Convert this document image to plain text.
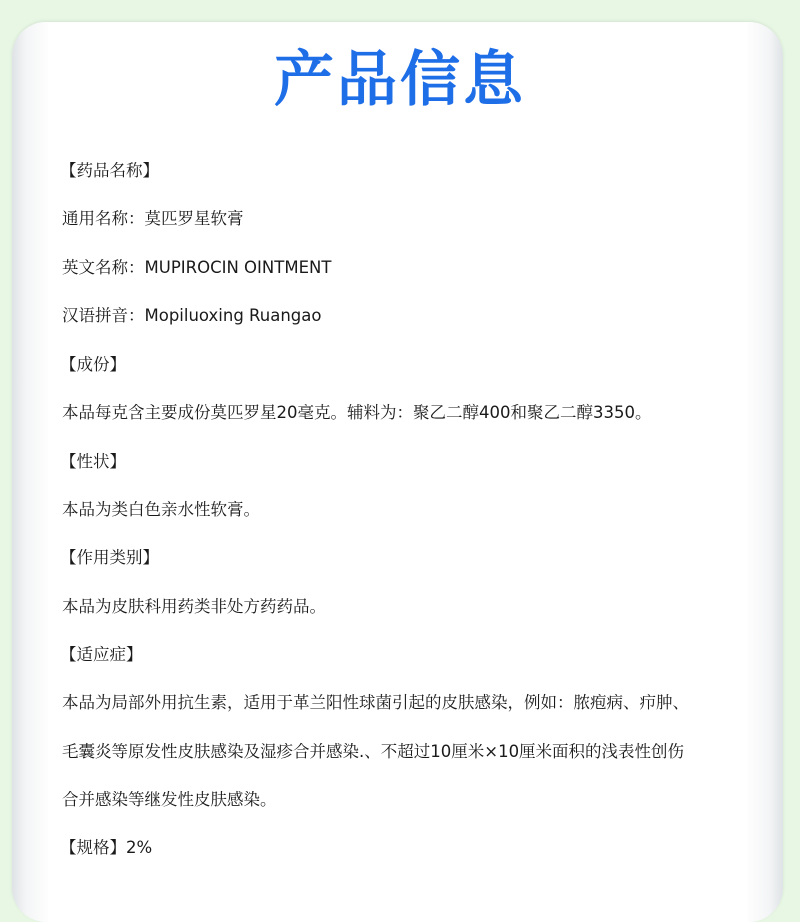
产品信息

【药品名称】

通用名称：莫匹罗星软膏

英文名称：MUPIROCIN OINTMENT

汉语拼音：Mopiluoxing Ruangao

【成份】

本品每克含主要成份莫匹罗星20毫克。辅料为：聚乙二醇400和聚乙二醇3350。

【性状】

本品为类白色亲水性软膏。

【作用类别】

本品为皮肤科用药类非处方药药品。

【适应症】

本品为局部外用抗生素，适用于革兰阳性球菌引起的皮肤感染，例如：脓疱病、疖肿、

毛囊炎等原发性皮肤感染及湿疹合并感染.、不超过10厘米×10厘米面积的浅表性创伤

合并感染等继发性皮肤感染。

【规格】2%
